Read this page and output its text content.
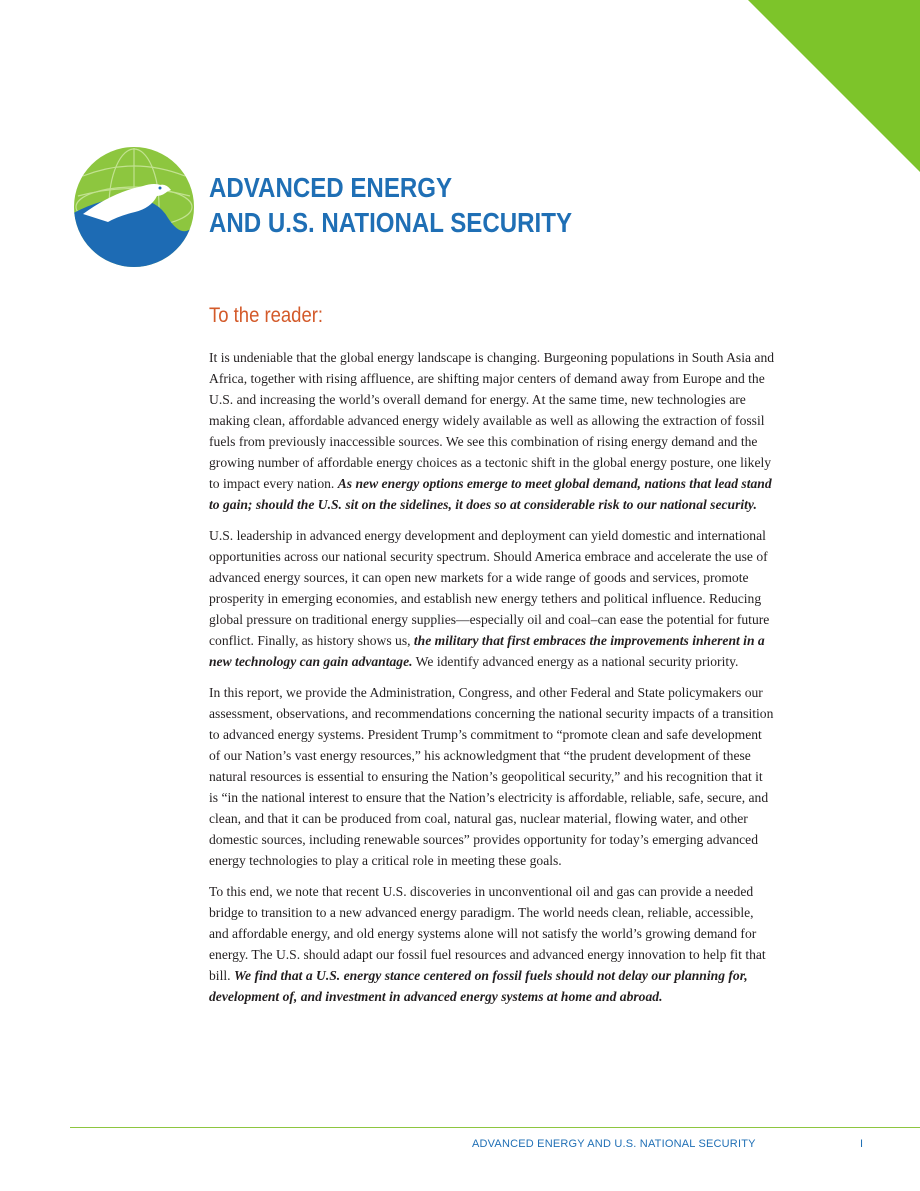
ADVANCED ENERGY
AND U.S. NATIONAL SECURITY
To the reader:

It is undeniable that the global energy landscape is changing. Burgeoning populations in South Asia and Africa, together with rising affluence, are shifting major centers of demand away from Europe and the U.S. and increasing the world’s overall demand for energy. At the same time, new technologies are making clean, affordable advanced energy widely available as well as allowing the extraction of fossil fuels from previously inaccessible sources. We see this combination of rising energy demand and the growing number of affordable energy choices as a tectonic shift in the global energy posture, one likely to impact every nation. As new energy options emerge to meet global demand, nations that lead stand to gain; should the U.S. sit on the sidelines, it does so at considerable risk to our national security.

U.S. leadership in advanced energy development and deployment can yield domestic and international opportunities across our national security spectrum. Should America embrace and accelerate the use of advanced energy sources, it can open new markets for a wide range of goods and services, promote prosperity in emerging economies, and establish new energy tethers and political influence. Reducing global pressure on traditional energy supplies—especially oil and coal–can ease the potential for future conflict. Finally, as history shows us, the military that first embraces the improvements inherent in a new technology can gain advantage. We identify advanced energy as a national security priority.

In this report, we provide the Administration, Congress, and other Federal and State policymakers our assessment, observations, and recommendations concerning the national security impacts of a transition to advanced energy systems. President Trump’s commitment to “promote clean and safe development of our Nation’s vast energy resources,” his acknowledgment that “the prudent development of these natural resources is essential to ensuring the Nation’s geopolitical security,” and his recognition that it is “in the national interest to ensure that the Nation’s electricity is affordable, reliable, safe, secure, and clean, and that it can be produced from coal, natural gas, nuclear material, flowing water, and other domestic sources, including renewable sources” provides opportunity for today’s emerging advanced energy technologies to play a critical role in meeting these goals.

To this end, we note that recent U.S. discoveries in unconventional oil and gas can provide a needed bridge to transition to a new advanced energy paradigm. The world needs clean, reliable, accessible, and affordable energy, and old energy systems alone will not satisfy the world’s growing demand for energy. The U.S. should adapt our fossil fuel resources and advanced energy innovation to help fit that bill. We find that a U.S. energy stance centered on fossil fuels should not delay our planning for, development of, and investment in advanced energy systems at home and abroad.

ADVANCED ENERGY AND U.S. NATIONAL SECURITY	I
